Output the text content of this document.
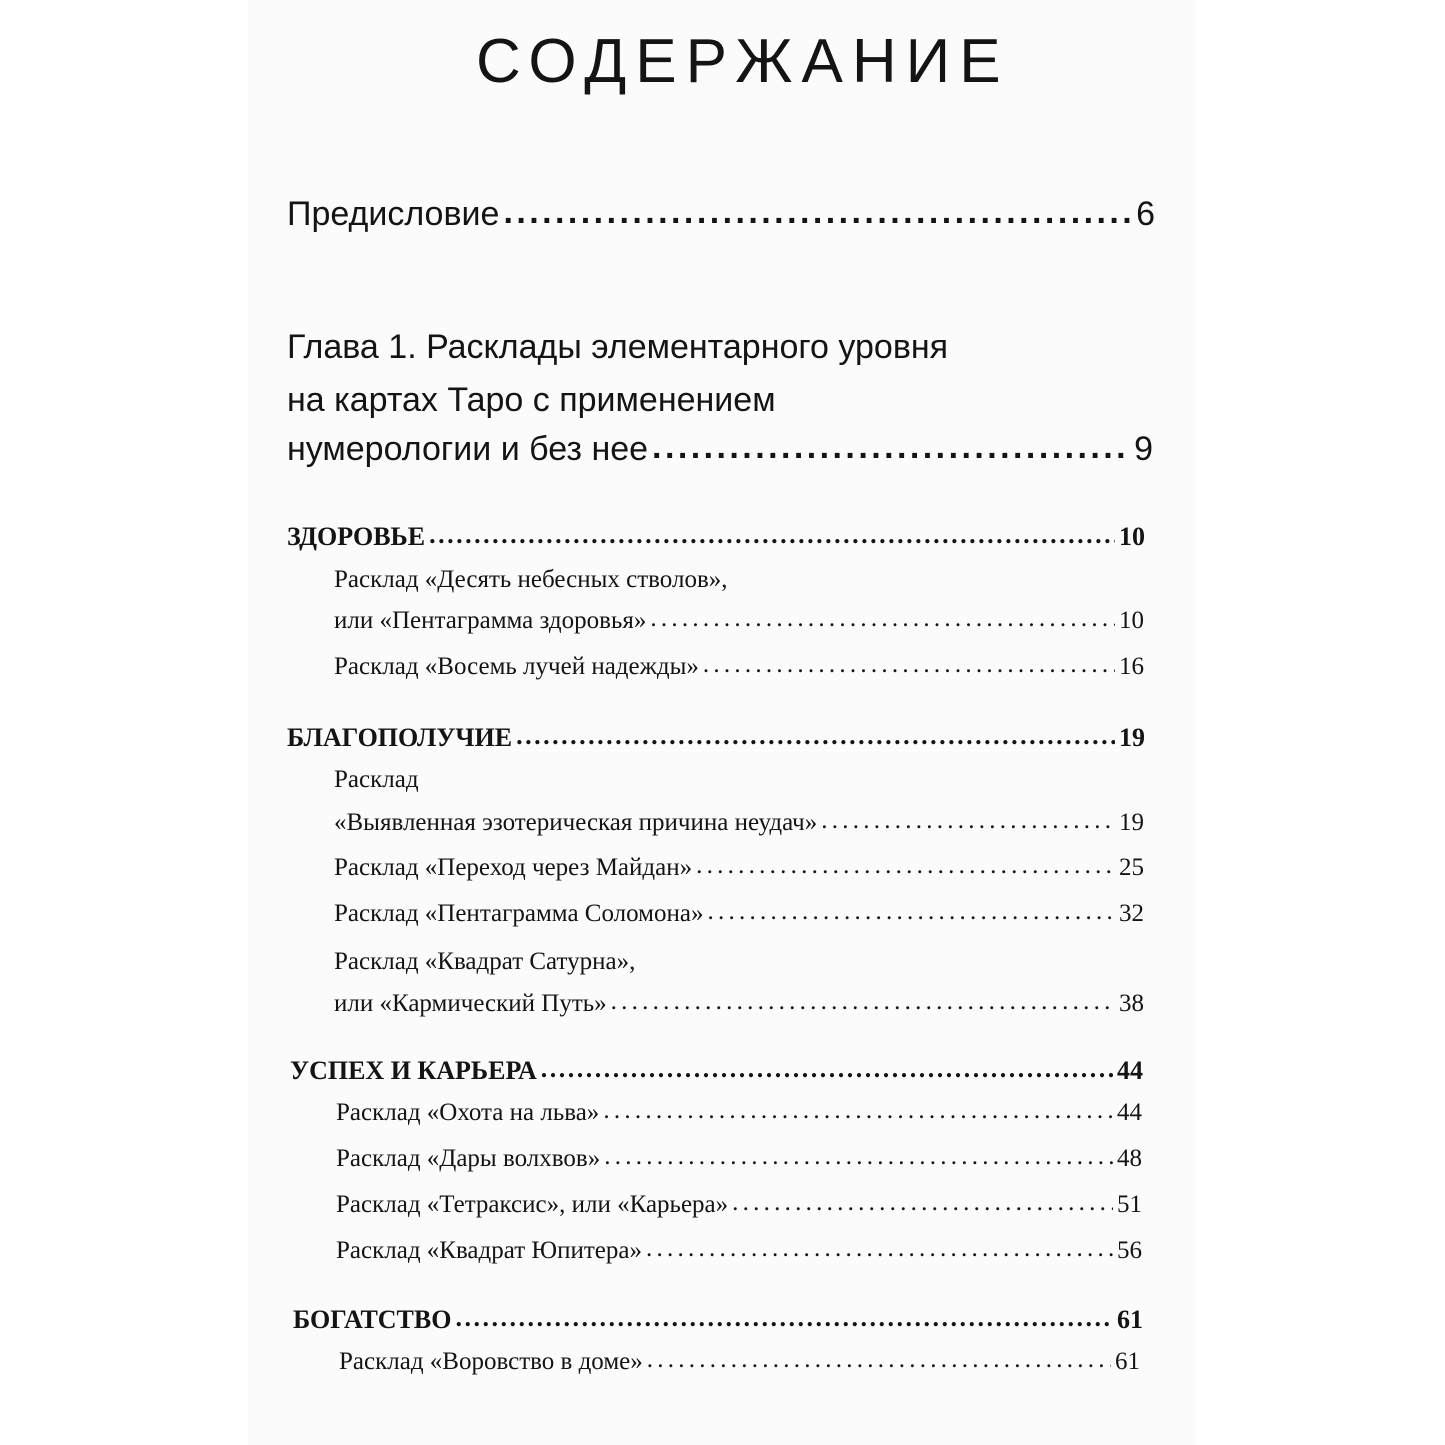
СОДЕРЖАНИЕ
Предисловие . . .	6
Глава 1. Расклады элементарного уровня
на картах Таро с применением
нумерологии и без нее . . .	9
ЗДОРОВЬЕ . . .	10
Расклад «Десять небесных стволов»,
или «Пентаграмма здоровья» . . .	10
Расклад «Восемь лучей надежды» . . .	16
БЛАГОПОЛУЧИЕ . . .	19
Расклад
«Выявленная эзотерическая причина неудач» . . .	19
Расклад «Переход через Майдан» . . .	25
Расклад «Пентаграмма Соломона» . . .	32
Расклад «Квадрат Сатурна»,
или «Кармический Путь» . . .	38
УСПЕХ И КАРЬЕРА . . .	44
Расклад «Охота на льва» . . .	44
Расклад «Дары волхвов» . . .	48
Расклад «Тетраксис», или «Карьера» . . .	51
Расклад «Квадрат Юпитера» . . .	56
БОГАТСТВО . . .	61
Расклад «Воровство в доме» . . .	61
